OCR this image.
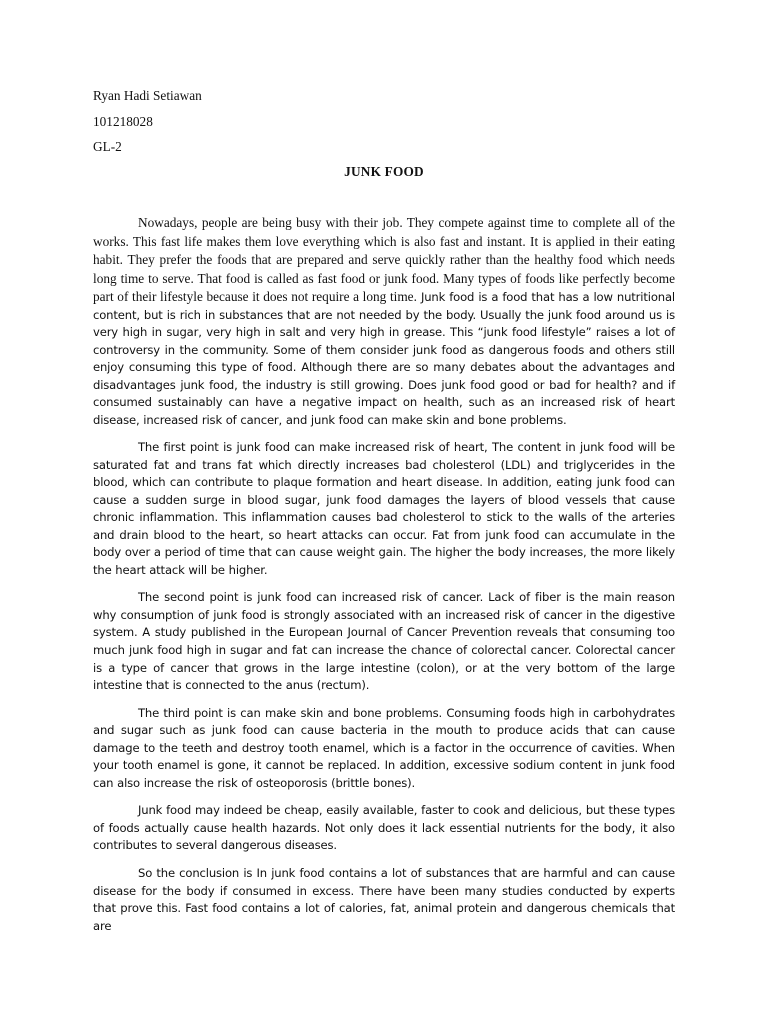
Ryan Hadi Setiawan

101218028

GL-2

JUNK FOOD

Nowadays, people are being busy with their job. They compete against time to complete all of the works. This fast life makes them love everything which is also fast and instant. It is applied in their eating habit. They prefer the foods that are prepared and serve quickly rather than the healthy food which needs long time to serve. That food is called as fast food or junk food. Many types of foods like perfectly become part of their lifestyle because it does not require a long time. Junk food is a food that has a low nutritional content, but is rich in substances that are not needed by the body. Usually the junk food around us is very high in sugar, very high in salt and very high in grease. This “junk food lifestyle” raises a lot of controversy in the community. Some of them consider junk food as dangerous foods and others still enjoy consuming this type of food. Although there are so many debates about the advantages and disadvantages junk food, the industry is still growing. Does junk food good or bad for health? and if consumed sustainably can have a negative impact on health, such as an increased risk of heart disease, increased risk of cancer, and junk food can make skin and bone problems.

The first point is junk food can make increased risk of heart, The content in junk food will be saturated fat and trans fat which directly increases bad cholesterol (LDL) and triglycerides in the blood, which can contribute to plaque formation and heart disease. In addition, eating junk food can cause a sudden surge in blood sugar, junk food damages the layers of blood vessels that cause chronic inflammation. This inflammation causes bad cholesterol to stick to the walls of the arteries and drain blood to the heart, so heart attacks can occur. Fat from junk food can accumulate in the body over a period of time that can cause weight gain. The higher the body increases, the more likely the heart attack will be higher.

The second point is junk food can increased risk of cancer. Lack of fiber is the main reason why consumption of junk food is strongly associated with an increased risk of cancer in the digestive system. A study published in the European Journal of Cancer Prevention reveals that consuming too much junk food high in sugar and fat can increase the chance of colorectal cancer. Colorectal cancer is a type of cancer that grows in the large intestine (colon), or at the very bottom of the large intestine that is connected to the anus (rectum).

The third point is can make skin and bone problems. Consuming foods high in carbohydrates and sugar such as junk food can cause bacteria in the mouth to produce acids that can cause damage to the teeth and destroy tooth enamel, which is a factor in the occurrence of cavities. When your tooth enamel is gone, it cannot be replaced. In addition, excessive sodium content in junk food can also increase the risk of osteoporosis (brittle bones).

Junk food may indeed be cheap, easily available, faster to cook and delicious, but these types of foods actually cause health hazards. Not only does it lack essential nutrients for the body, it also contributes to several dangerous diseases.

So the conclusion is In junk food contains a lot of substances that are harmful and can cause disease for the body if consumed in excess. There have been many studies conducted by experts that prove this. Fast food contains a lot of calories, fat, animal protein and dangerous chemicals that are
